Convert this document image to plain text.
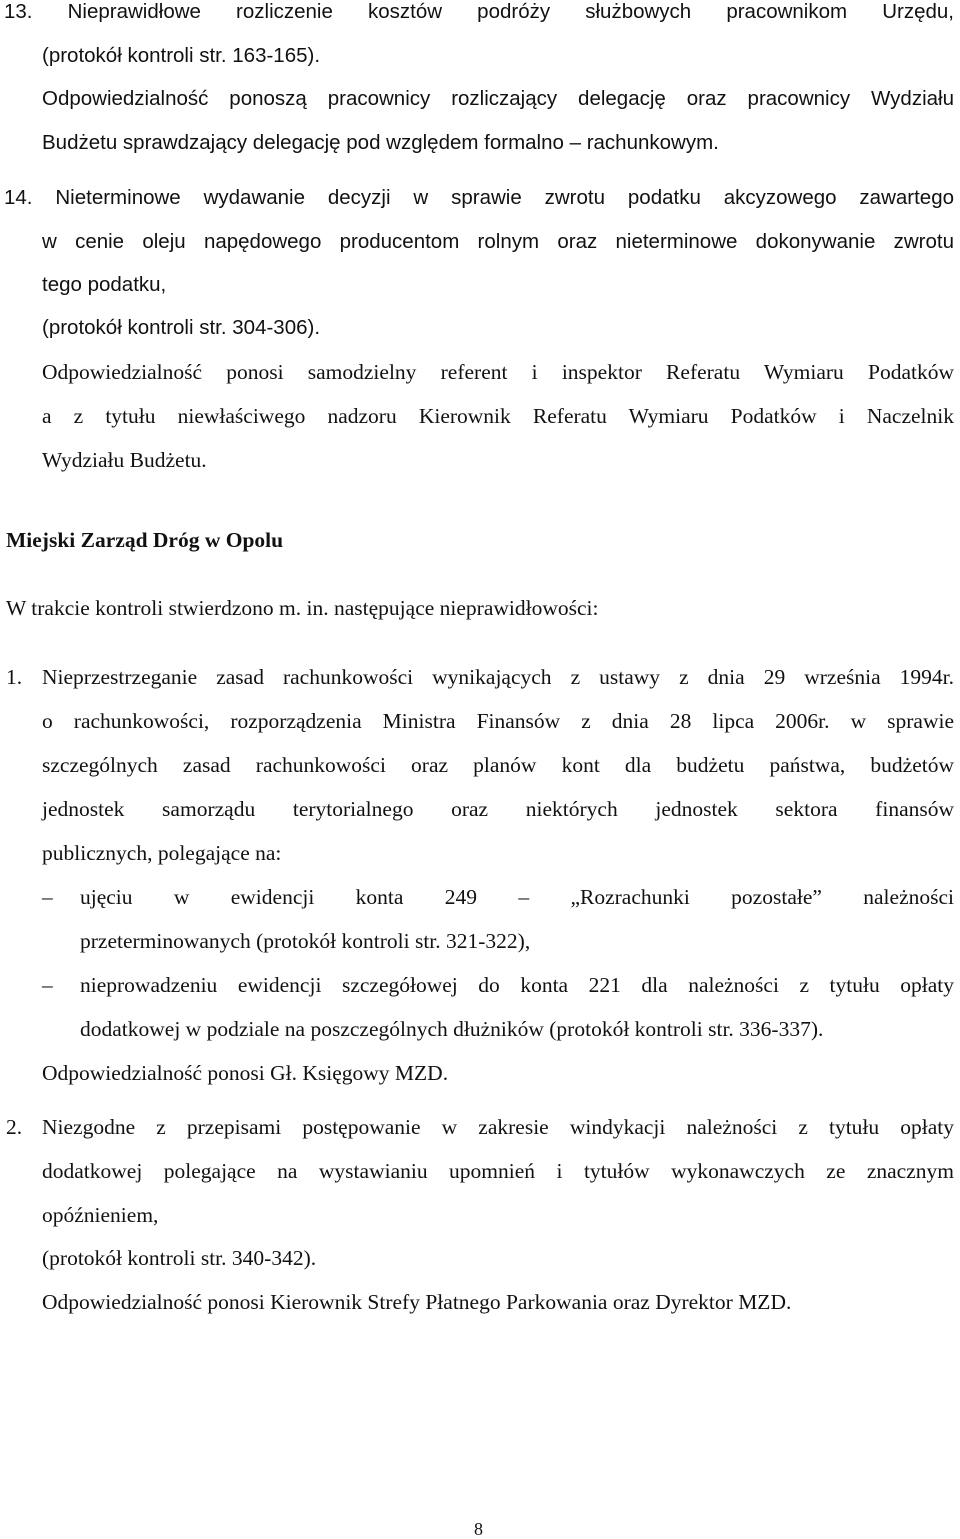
13. Nieprawidłowe rozliczenie kosztów podróży służbowych pracownikom Urzędu,
(protokół kontroli str. 163-165).
Odpowiedzialność ponoszą pracownicy rozliczający delegację oraz pracownicy Wydziału
Budżetu sprawdzający delegację pod względem formalno – rachunkowym.
14. Nieterminowe wydawanie decyzji w sprawie zwrotu podatku akcyzowego zawartego
w cenie oleju napędowego producentom rolnym oraz nieterminowe dokonywanie zwrotu
tego podatku,
(protokół kontroli str. 304-306).
Odpowiedzialność ponosi samodzielny referent i inspektor Referatu Wymiaru Podatków
a z tytułu niewłaściwego nadzoru Kierownik Referatu Wymiaru Podatków i Naczelnik
Wydziału Budżetu.
Miejski Zarząd Dróg w Opolu
W trakcie kontroli stwierdzono m. in. następujące nieprawidłowości:
1. Nieprzestrzeganie zasad rachunkowości wynikających z ustawy z dnia 29 września 1994r.
o rachunkowości, rozporządzenia Ministra Finansów z dnia 28 lipca 2006r. w sprawie
szczególnych zasad rachunkowości oraz planów kont dla budżetu państwa, budżetów
jednostek samorządu terytorialnego oraz niektórych jednostek sektora finansów
publicznych, polegające na:
– ujęciu w ewidencji konta 249 – „Rozrachunki pozostałe” należności
przeterminowanych (protokół kontroli str. 321-322),
– nieprowadzeniu ewidencji szczegółowej do konta 221 dla należności z tytułu opłaty
dodatkowej w podziale na poszczególnych dłużników (protokół kontroli str. 336-337).
Odpowiedzialność ponosi Gł. Księgowy MZD.
2. Niezgodne z przepisami postępowanie w zakresie windykacji należności z tytułu opłaty
dodatkowej polegające na wystawianiu upomnień i tytułów wykonawczych ze znacznym
opóźnieniem,
(protokół kontroli str. 340-342).
Odpowiedzialność ponosi Kierownik Strefy Płatnego Parkowania oraz Dyrektor MZD.
8
